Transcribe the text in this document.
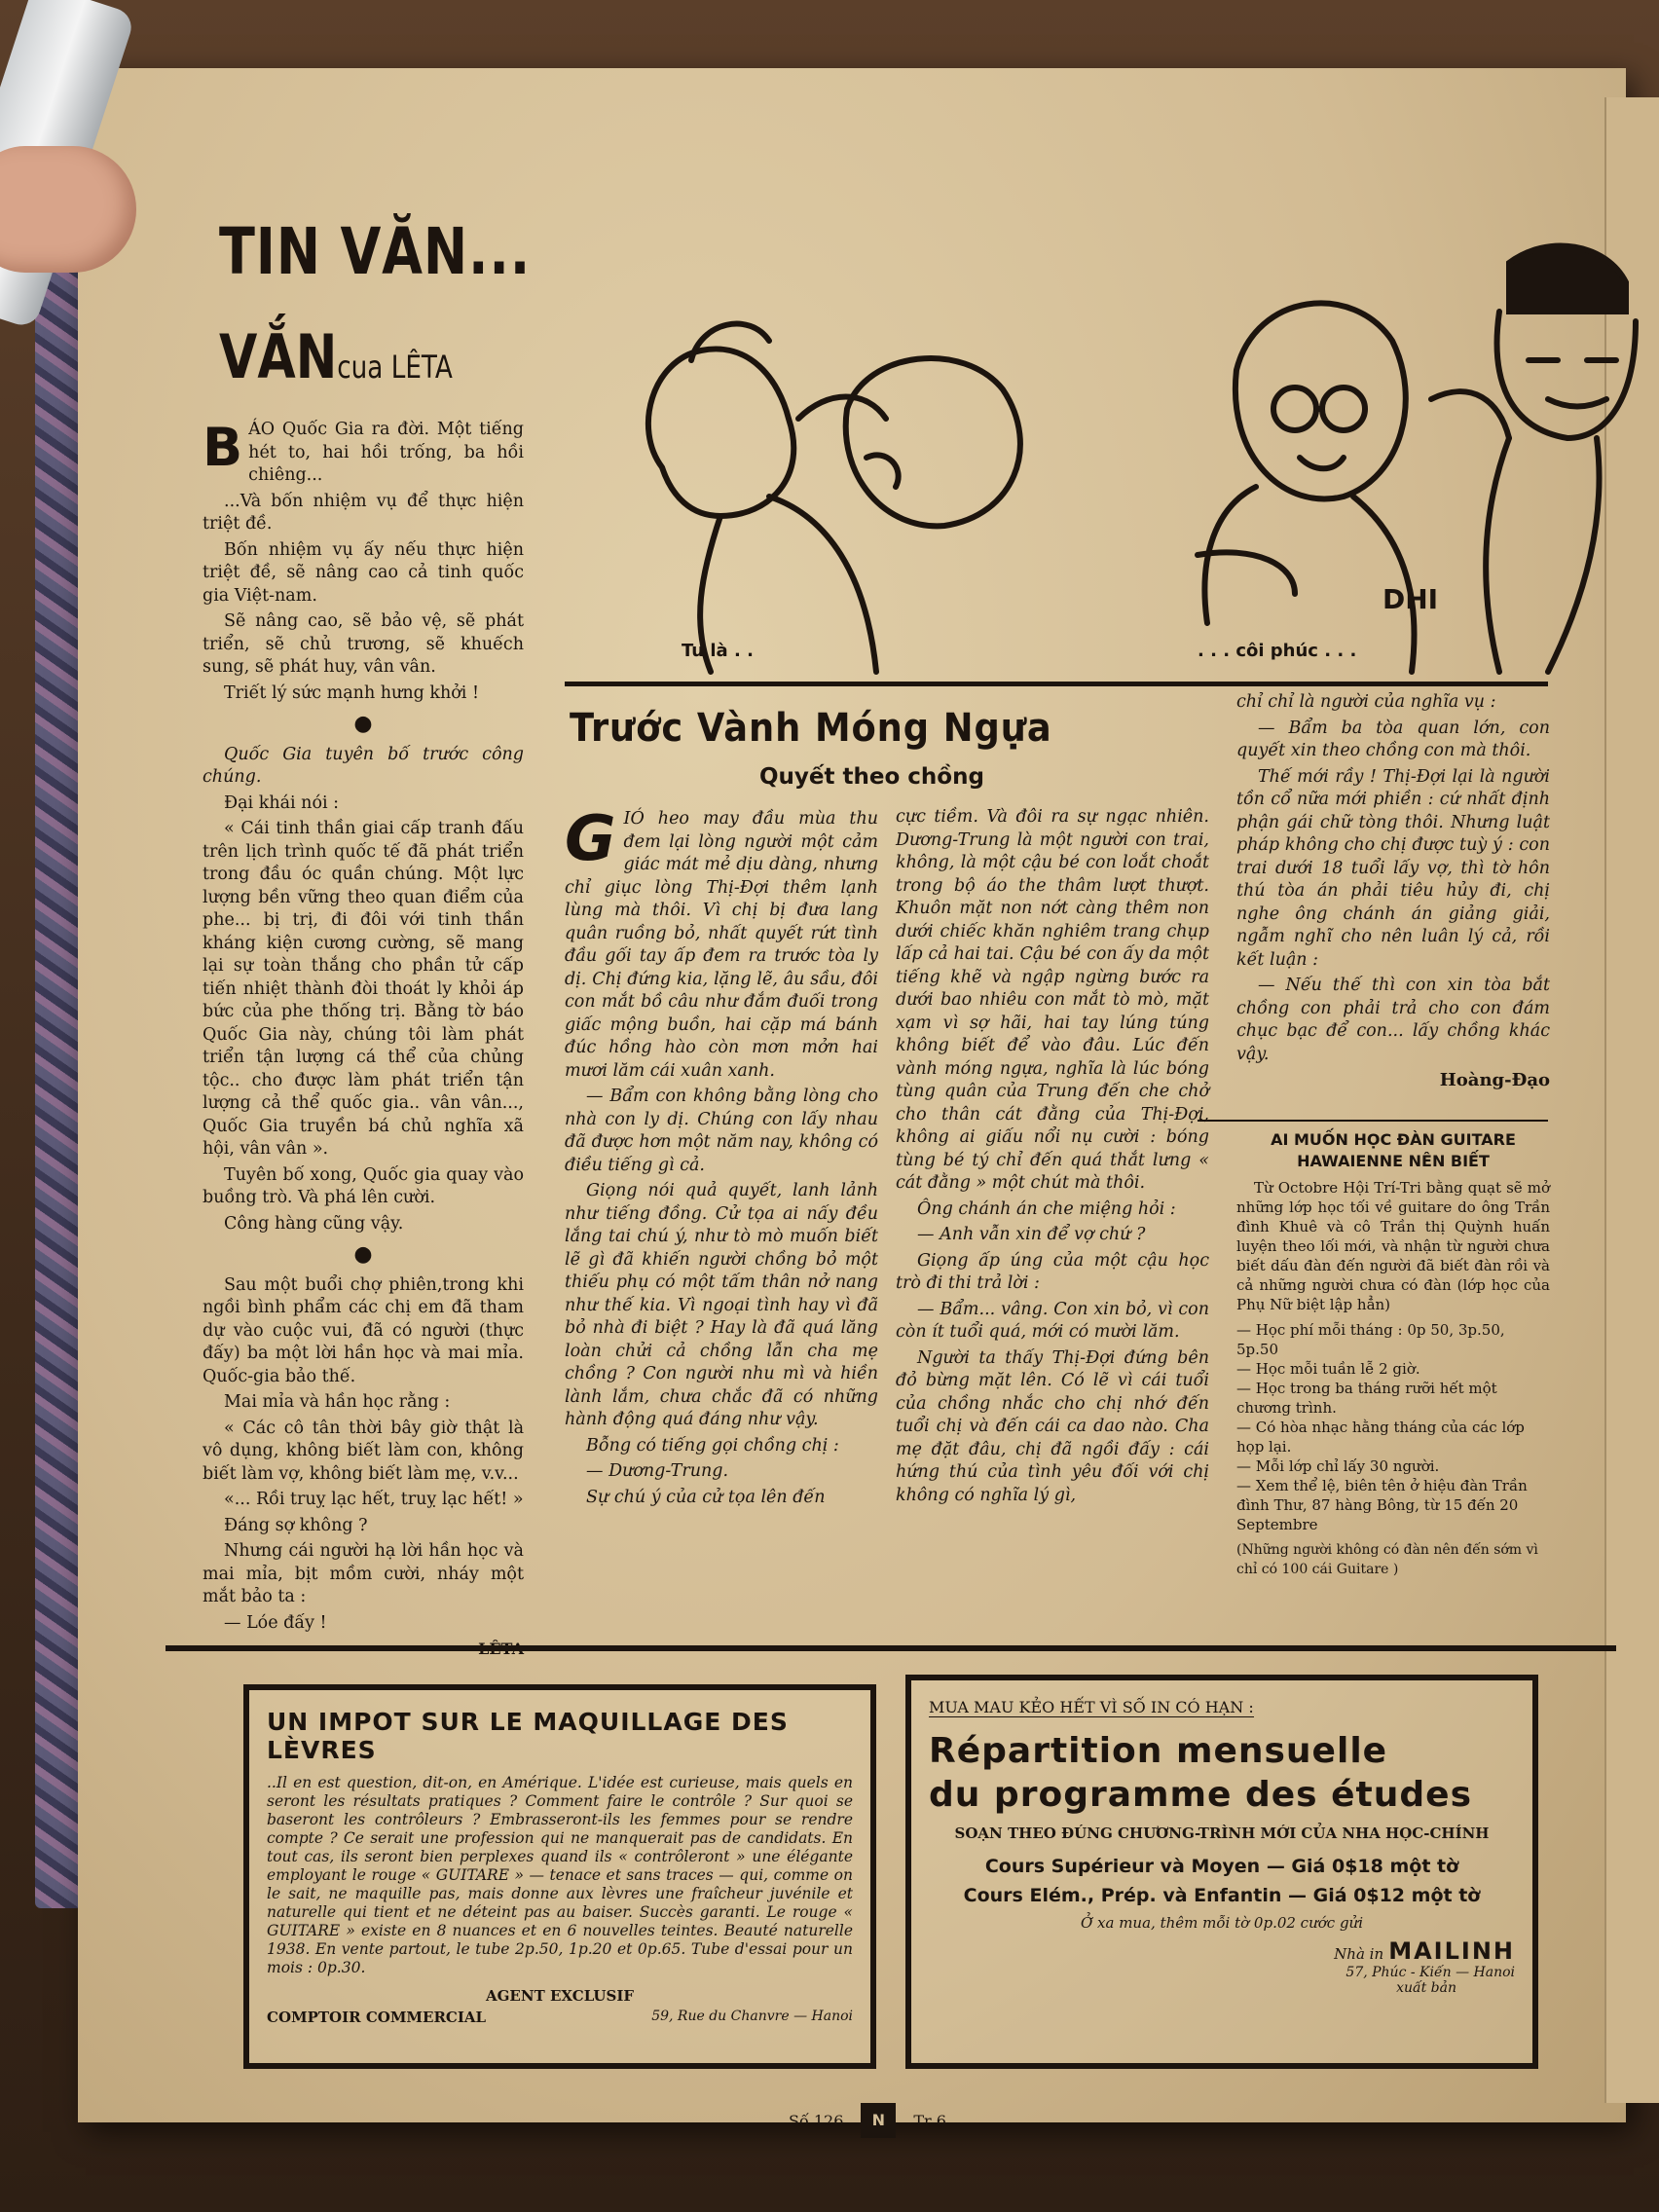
TIN VĂN...
VẮNcua LÊTA
B ÁO Quốc Gia ra đời. Một tiếng hét to, hai hồi trống, ba hồi chiêng...

...Và bốn nhiệm vụ để thực hiện triệt đề.

Bốn nhiệm vụ ấy nếu thực hiện triệt đề, sẽ nâng cao cả tinh quốc gia Việt-nam.

Sẽ nâng cao, sẽ bảo vệ, sẽ phát triển, sẽ chủ trương, sẽ khuếch sung, sẽ phát huy, vân vân.

Triết lý sức mạnh hưng khởi !

●

Quốc Gia tuyên bố trước công chúng.

Đại khái nói :

« Cái tinh thần giai cấp tranh đấu trên lịch trình quốc tế đã phát triển trong đầu óc quần chúng. Một lực lượng bền vững theo quan điểm của phe... bị trị, đi đôi với tinh thần kháng kiện cương cường, sẽ mang lại sự toàn thắng cho phần tử cấp tiến nhiệt thành đòi thoát ly khỏi áp bức của phe thống trị. Bằng tờ báo Quốc Gia này, chúng tôi làm phát triển tận lượng cá thể của chủng tộc.. cho được làm phát triển tận lượng cả thể quốc gia.. vân vân..., Quốc Gia truyền bá chủ nghĩa xã hội, vân vân ».

Tuyên bố xong, Quốc gia quay vào buồng trò. Và phá lên cười.

Công hàng cũng vậy.

●

Sau một buổi chợ phiên,trong khi ngồi bình phẩm các chị em đã tham dự vào cuộc vui, đã có người (thực đấy) ba một lời hần học và mai mỉa. Quốc-gia bảo thế.

Mai mỉa và hần học rằng :

« Các cô tân thời bây giờ thật là vô dụng, không biết làm con, không biết làm vợ, không biết làm mẹ, v.v...

«... Rồi truỵ lạc hết, truỵ lạc hết! »

Đáng sợ không ?

Nhưng cái người hạ lời hần học và mai mỉa, bịt mồm cười, nháy một mắt bảo ta :

— Lóe đấy !

DHI
Tu là . .	. . . côi phúc . . .
Trước Vành Móng Ngựa
Quyết theo chồng
G IÓ heo may đầu mùa thu đem lại lòng người một cảm giác mát mẻ dịu dàng, nhưng chỉ giục lòng Thị-Đợi thêm lạnh lùng mà thôi. Vì chị bị đưa lang quân ruồng bỏ, nhất quyết rứt tình đầu gối tay ấp đem ra trước tòa ly dị. Chị đứng kia, lặng lẽ, âu sầu, đôi con mắt bồ câu như đắm đuối trong giấc mộng buồn, hai cặp má bánh đúc hồng hào còn mơn mởn hai mươi lăm cái xuân xanh.

— Bẩm con không bằng lòng cho nhà con ly dị. Chúng con lấy nhau đã được hơn một năm nay, không có điều tiếng gì cả.

Giọng nói quả quyết, lanh lảnh như tiếng đồng. Cử tọa ai nấy đều lắng tai chú ý, như tò mò muốn biết lẽ gì đã khiến người chồng bỏ một thiếu phụ có một tấm thân nở nang như thế kia. Vì ngoại tình hay vì đã bỏ nhà đi biệt ? Hay là đã quá lăng loàn chửi cả chồng lẫn cha mẹ chồng ? Con người nhu mì và hiền lành lắm, chưa chắc đã có những hành động quá đáng như vậy.

Bỗng có tiếng gọi chồng chị :

— Dương-Trung.

Sự chú ý của cử tọa lên đến

cực tiềm. Và đôi ra sự ngạc nhiên. Dương-Trung là một người con trai, không, là một cậu bé con loắt choắt trong bộ áo the thâm lượt thượt. Khuôn mặt non nớt càng thêm non dưới chiếc khăn nghiêm trang chụp lấp cả hai tai. Cậu bé con ấy da một tiếng khẽ và ngập ngừng bước ra dưới bao nhiêu con mắt tò mò, mặt xạm vì sợ hãi, hai tay lúng túng không biết để vào đâu. Lúc đến vành móng ngựa, nghĩa là lúc bóng tùng quân của Trung đến che chở cho thân cát đằng của Thị-Đợi, không ai giấu nổi nụ cười : bóng tùng bé tý chỉ đến quá thắt lưng « cát đằng » một chút mà thôi.

Ông chánh án che miệng hỏi :

— Anh vẫn xin để vợ chứ ?

Giọng ấp úng của một cậu học trò đi thi trả lời :

— Bẩm... vâng. Con xin bỏ, vì con còn ít tuổi quá, mới có mười lăm.

Người ta thấy Thị-Đợi đứng bên đỏ bừng mặt lên. Có lẽ vì cái tuổi của chồng nhắc cho chị nhớ đến tuổi chị và đến cái ca dao nào. Cha mẹ đặt đâu, chị đã ngồi đấy : cái hứng thú của tình yêu đối với chị không có nghĩa lý gì,

chỉ chỉ là người của nghĩa vụ :

— Bẩm ba tòa quan lớn, con quyết xin theo chồng con mà thôi.

Thế mới rầy ! Thị-Đợi lại là người tồn cổ nữa mới phiền : cứ nhất định phận gái chữ tòng thôi. Nhưng luật pháp không cho chị được tuỳ ý : con trai dưới 18 tuổi lấy vợ, thì tờ hôn thú tòa án phải tiêu hủy đi, chị nghe ông chánh án giảng giải, ngẫm nghĩ cho nên luân lý cả, rồi kết luận :

— Nếu thế thì con xin tòa bắt chồng con phải trả cho con đám chục bạc để con... lấy chồng khác vậy.

Hoàng-Đạo
AI MUỐN HỌC ĐÀN GUITARE HAWAIENNE NÊN BIẾT

Từ Octobre Hội Trí-Tri bằng quạt sẽ mở những lớp học tối về guitare do ông Trần đình Khuê và cô Trần thị Quỳnh huấn luyện theo lối mới, và nhận từ người chưa biết dấu đàn đến người đã biết đàn rồi và cả những người chưa có đàn (lớp học của Phụ Nữ biệt lập hẳn)

— Học phí mỗi tháng : 0p 50, 3p.50, 5p.50
— Học mỗi tuần lễ 2 giờ.
— Học trong ba tháng rưỡi hết một chương trình.
— Có hòa nhạc hằng tháng của các lớp họp lại.
— Mỗi lớp chỉ lấy 30 người.
— Xem thể lệ, biên tên ở hiệu đàn Trần đình Thư, 87 hàng Bông, từ 15 đến 20 Septembre
(Những người không có đàn nên đến sớm vì chỉ có 100 cái Guitare )
UN IMPOT SUR LE MAQUILLAGE DES LÈVRES
..Il en est question, dit-on, en Amérique. L'idée est curieuse, mais quels en seront les résultats pratiques ? Comment faire le contrôle ? Sur quoi se baseront les contrôleurs ? Embrasseront-ils les femmes pour se rendre compte ? Ce serait une profession qui ne manquerait pas de candidats. En tout cas, ils seront bien perplexes quand ils « contrôleront » une élégante employant le rouge « GUITARE » — tenace et sans traces — qui, comme on le sait, ne maquille pas, mais donne aux lèvres une fraîcheur juvénile et naturelle qui tient et ne déteint pas au baiser. Succès garanti. Le rouge « GUITARE » existe en 8 nuances et en 6 nouvelles teintes. Beauté naturelle 1938. En vente partout, le tube 2p.50, 1p.20 et 0p.65. Tube d'essai pour un mois : 0p.30.
AGENT EXCLUSIF
COMPTOIR COMMERCIAL	59, Rue du Chanvre — Hanoi
MUA MAU KẺO HẾT VÌ SỐ IN CÓ HẠN :
Répartition mensuelle
du programme des études
SOẠN THEO ĐÚNG CHƯƠNG-TRÌNH MỚI CỦA NHA HỌC-CHÍNH
Cours Supérieur và Moyen — Giá 0$18 một tờ
Cours Elém., Prép. và Enfantin — Giá 0$12 một tờ
Ở xa mua, thêm mỗi tờ 0p.02 cước gửi
Nhà in MAILINH
57, Phúc - Kiến — Hanoi
xuất bản
Số 126	N	Tr 6
